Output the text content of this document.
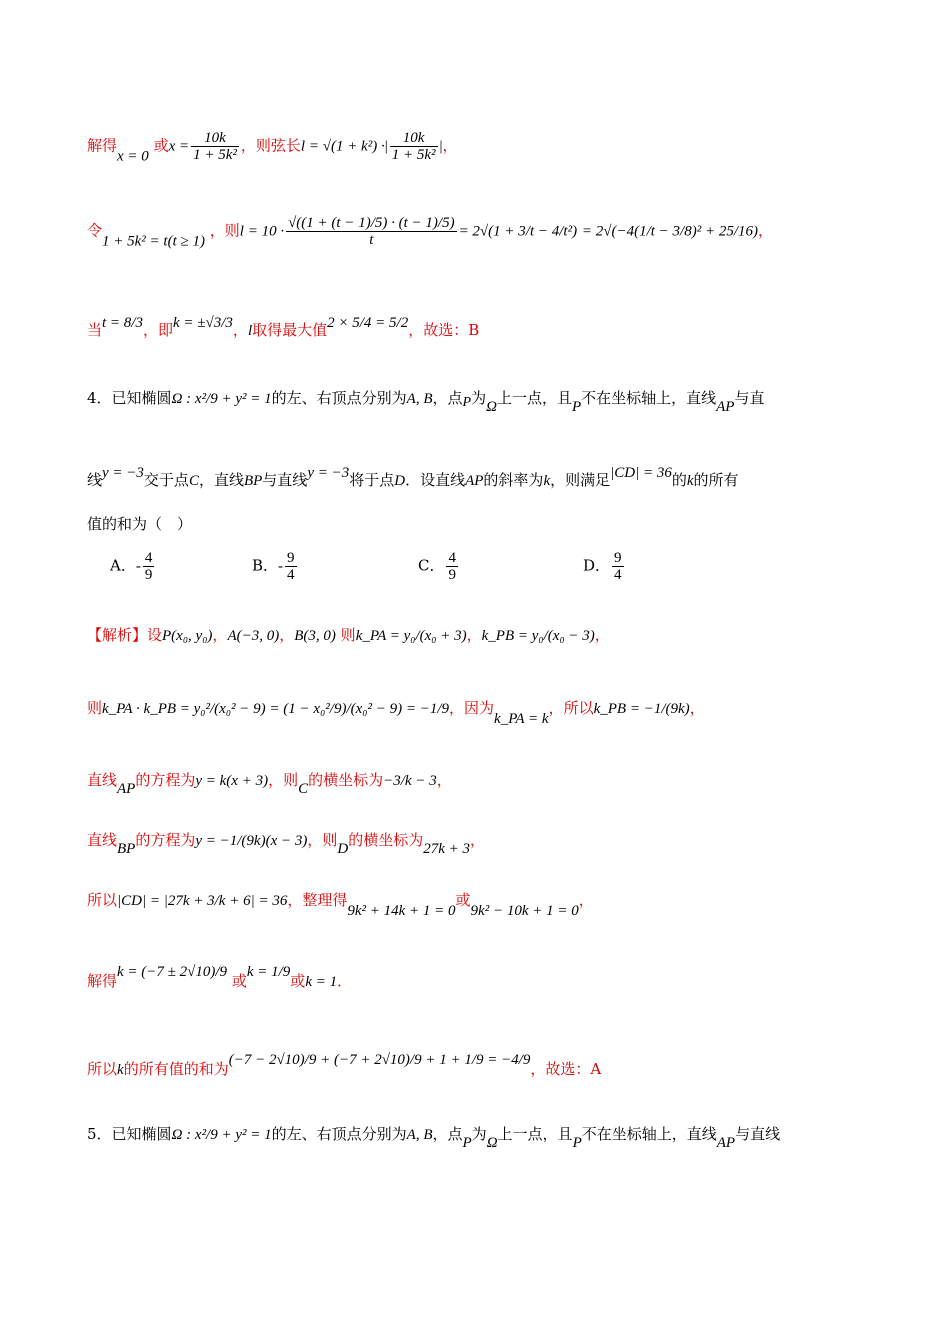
解得x = 0 或$x = \frac{10k}{\text{1 + 5k²}}$ ，则弦长l = √(1 + k²) ·| $\frac{10k}{\text{1 + 5k²}}$ |，
令1 + 5k² = t(t ≥ 1) ，则$l = 10 \cdot \frac{√((1 + (t - 1)/5) \cdot (t - 1)/5)}{t} = 2√(1 + 3/t - 4/t^2) = 2√(-4(1/t - 3/8)^2 + 25/16)$，
当t = 8/3，即k = ±√3/3，l取得最大值2 × 5/4 = 5/2，故选：B
4．已知椭圆Ω : x²/9 + y² = 1的左、右顶点分别为A, B，点P为Ω上一点，且P不在坐标轴上，直线AP与直
线y = −3交于点C，直线BP与直线y = −3将于点D．设直线AP的斜率为k，则满足|CD| = 36的k的所有
值的和为（　）
A．- $\frac{4}{9}$	B．- $\frac{9}{4}$	C． $\frac{4}{9}$	D． $\frac{9}{4}$
【解析】设P(x₀, y₀)，A(−3, 0)，B(3, 0) 则k_PA = y₀/(x₀ + 3)，k_PB = y₀/(x₀ − 3)，
则k_PA · k_PB = y₀²/(x₀² − 9) = (1 − x₀²/9)/(x₀² − 9) = −1/9，因为k_PA = k，所以k_PB = −1/(9k)，
直线AP的方程为y = k(x + 3)，则C的横坐标为−3/k − 3，
直线BP的方程为y = −1/(9k)(x − 3)，则D的横坐标为27k + 3，
所以|CD| = |27k + 3/k + 6| = 36，整理得9k² + 14k + 1 = 0或9k² − 10k + 1 = 0，
解得k = (−7 ± 2√10)/9 或k = 1/9或k = 1．
所以k的所有值的和为(−7 − 2√10)/9 + (−7 + 2√10)/9 + 1 + 1/9 = −4/9，故选：A
5．已知椭圆Ω : x²/9 + y² = 1的左、右顶点分别为A, B，点P为Ω上一点，且P不在坐标轴上，直线AP与直线
